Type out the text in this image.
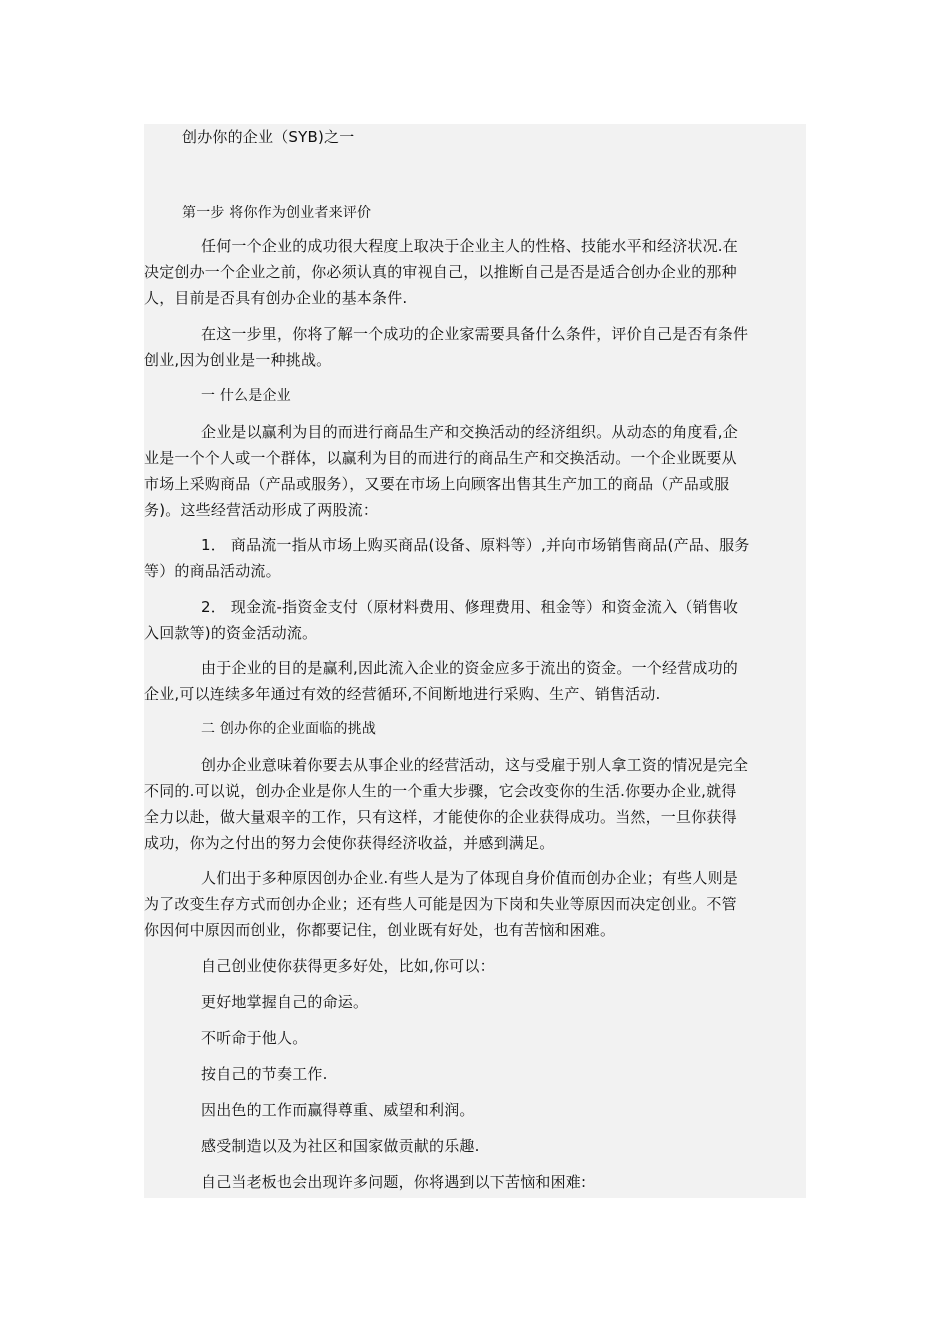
创办你的企业（SYB)之一
第一步 将你作为创业者来评价
任何一个企业的成功很大程度上取决于企业主人的性格、技能水平和经济状况.在
决定创办一个企业之前，你必须认真的审视自己，以推断自己是否是适合创办企业的那种
人，目前是否具有创办企业的基本条件.
在这一步里，你将了解一个成功的企业家需要具备什么条件，评价自己是否有条件
创业,因为创业是一种挑战。
一 什么是企业
企业是以赢利为目的而进行商品生产和交换活动的经济组织。从动态的角度看,企
业是一个个人或一个群体，以赢利为目的而进行的商品生产和交换活动。一个企业既要从
市场上采购商品（产品或服务），又要在市场上向顾客出售其生产加工的商品（产品或服
务)。这些经营活动形成了两股流：
1． 商品流一指从市场上购买商品(设备、原料等）,并向市场销售商品(产品、服务
等）的商品活动流。
2． 现金流-指资金支付（原材料费用、修理费用、租金等）和资金流入（销售收
入回款等)的资金活动流。
由于企业的目的是赢利,因此流入企业的资金应多于流出的资金。一个经营成功的
企业,可以连续多年通过有效的经营循环,不间断地进行采购、生产、销售活动.
二 创办你的企业面临的挑战
创办企业意味着你要去从事企业的经营活动，这与受雇于别人拿工资的情况是完全
不同的.可以说，创办企业是你人生的一个重大步骤，它会改变你的生活.你要办企业,就得
全力以赴，做大量艰辛的工作，只有这样，才能使你的企业获得成功。当然，一旦你获得
成功，你为之付出的努力会使你获得经济收益，并感到满足。
人们出于多种原因创办企业.有些人是为了体现自身价值而创办企业；有些人则是
为了改变生存方式而创办企业；还有些人可能是因为下岗和失业等原因而决定创业。不管
你因何中原因而创业，你都要记住，创业既有好处，也有苦恼和困难。
自己创业使你获得更多好处，比如,你可以：
更好地掌握自己的命运。
不听命于他人。
按自己的节奏工作.
因出色的工作而赢得尊重、威望和利润。
感受制造以及为社区和国家做贡献的乐趣.
自己当老板也会出现许多问题，你将遇到以下苦恼和困难:
